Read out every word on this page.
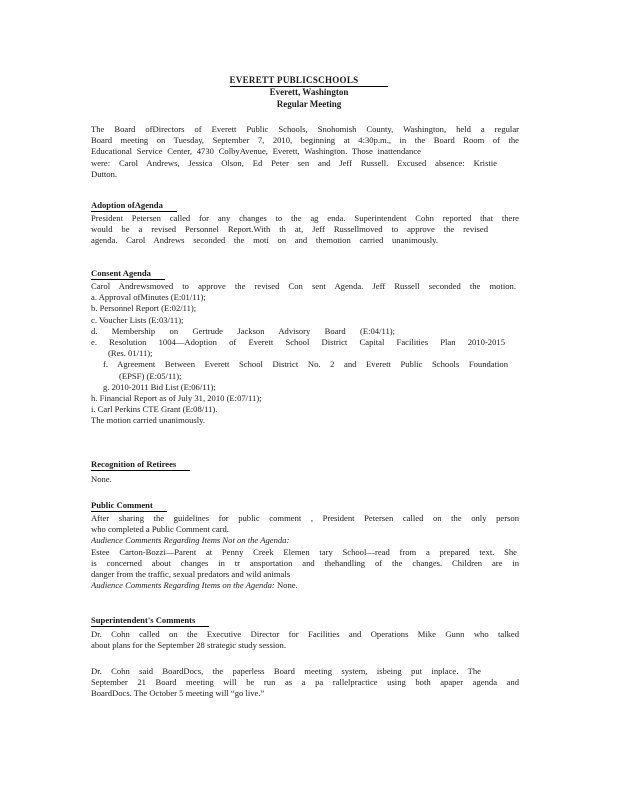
EVERETT PUBLICSCHOOLS
Everett, Washington
Regular Meeting
The Board ofDirectors of Everett Public Schools, Snohomish County, Washington, held a regular
Board meeting on Tuesday, September 7, 2010, beginning at 4:30p.m., in the Board Room of the
Educational Service Center, 4730 ColbyAvenue, Everett, Washington. Those inattendance
were: Carol Andrews, Jessica Olson, Ed Peter sen and Jeff Russell. Excused absence: Kristie
Dutton.
Adoption ofAgenda
President Petersen called for any changes to the ag enda. Superintendent Cohn reported that there
would be a revised Personnel Report.With th at, Jeff Russellmoved to approve the revised
agenda. Carol Andrews seconded the moti on and themotion carried unanimously.
Consent Agenda
Carol Andrewsmoved to approve the revised Con sent Agenda. Jeff Russell seconded the motion.
a. Approval ofMinutes (E:01/11);
b. Personnel Report (E:02/11);
c. Voucher Lists (E:03/11);
d. Membership on Gertrude Jackson Advisory Board (E:04/11);
e. Resolution 1004—Adoption of Everett School District Capital Facilities Plan 2010-2015
(Res. 01/11);
f. Agreement Between Everett School District No. 2 and Everett Public Schools Foundation
(EPSF) (E:05/11);
g. 2010-2011 Bid List (E:06/11);
h. Financial Report as of July 31, 2010 (E:07/11);
i. Carl Perkins CTE Grant (E:08/11).
The motion carried unanimously.
Recognition of Retirees
None.
Public Comment
After sharing the guidelines for public comment , President Petersen called on the only person
who completed a Public Comment card.
Audience Comments Regarding Items Not on the Agenda:
Estee Carton-Bozzi—Parent at Penny Creek Elemen tary School—read from a prepared text. She
is concerned about changes in tr ansportation and thehandling of the changes. Children are in
danger from the traffic, sexual predators and wild animals
Audience Comments Regarding Items on the Agenda: None.
Superintendent's Comments
Dr. Cohn called on the Executive Director for Facilities and Operations Mike Gunn who talked
about plans for the September 28 strategic study session.
Dr. Cohn said BoardDocs, the paperless Board meeting system, isbeing put inplace. The
September 21 Board meeting will be run as a pa rallelpractice using both apaper agenda and
BoardDocs. The October 5 meeting will “go live.”
